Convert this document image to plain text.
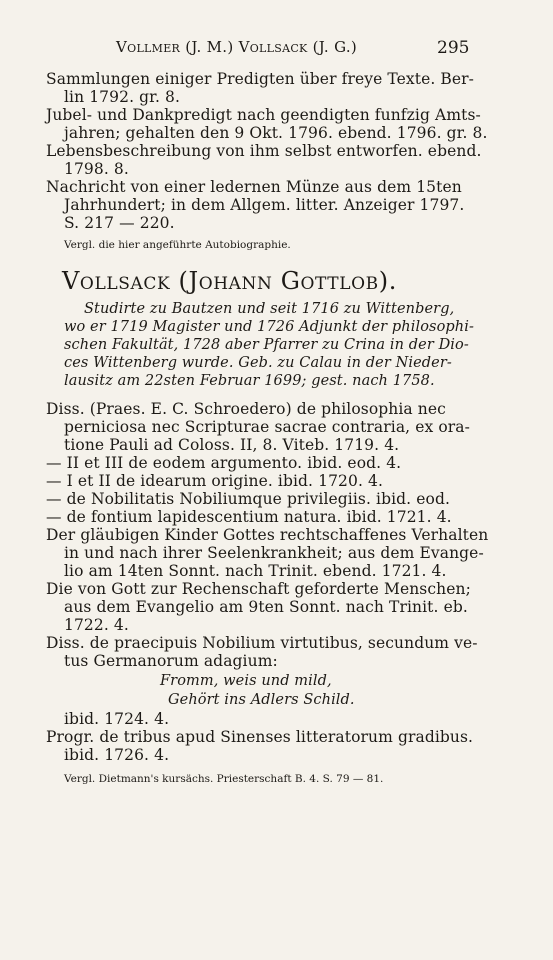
Vollmer (J. M.) Vollsack (J. G.)	295
Sammlungen einiger Predigten über freye Texte. Ber-
lin 1792. gr. 8.
Jubel- und Dankpredigt nach geendigten funfzig Amts-
jahren; gehalten den 9 Okt. 1796. ebend. 1796. gr. 8.
Lebensbeschreibung von ihm selbst entworfen. ebend.
1798. 8.
Nachricht von einer ledernen Münze aus dem 15ten
Jahrhundert; in dem Allgem. litter. Anzeiger 1797.
S. 217 — 220.
Vergl. die hier angeführte Autobiographie.
Vollsack (Johann Gottlob).
Studirte zu Bautzen und seit 1716 zu Wittenberg,
wo er 1719 Magister und 1726 Adjunkt der philosophi-
schen Fakultät, 1728 aber Pfarrer zu Crina in der Dio-
ces Wittenberg wurde. Geb. zu Calau in der Nieder-
lausitz am 22sten Februar 1699; gest. nach 1758.
Diss. (Praes. E. C. Schroedero) de philosophia nec
perniciosa nec Scripturae sacrae contraria, ex ora-
tione Pauli ad Coloss. II, 8. Viteb. 1719. 4.
— II et III de eodem argumento. ibid. eod. 4.
— I et II de idearum origine. ibid. 1720. 4.
— de Nobilitatis Nobiliumque privilegiis. ibid. eod.
— de fontium lapidescentium natura. ibid. 1721. 4.
Der gläubigen Kinder Gottes rechtschaffenes Verhalten
in und nach ihrer Seelenkrankheit; aus dem Evange-
lio am 14ten Sonnt. nach Trinit. ebend. 1721. 4.
Die von Gott zur Rechenschaft geforderte Menschen;
aus dem Evangelio am 9ten Sonnt. nach Trinit. eb.
1722. 4.
Diss. de praecipuis Nobilium virtutibus, secundum ve-
tus Germanorum adagium:
Fromm, weis und mild,
Gehört ins Adlers Schild.
ibid. 1724. 4.
Progr. de tribus apud Sinenses litteratorum gradibus.
ibid. 1726. 4.
Vergl. Dietmann's kursächs. Priesterschaft B. 4. S. 79 — 81.
